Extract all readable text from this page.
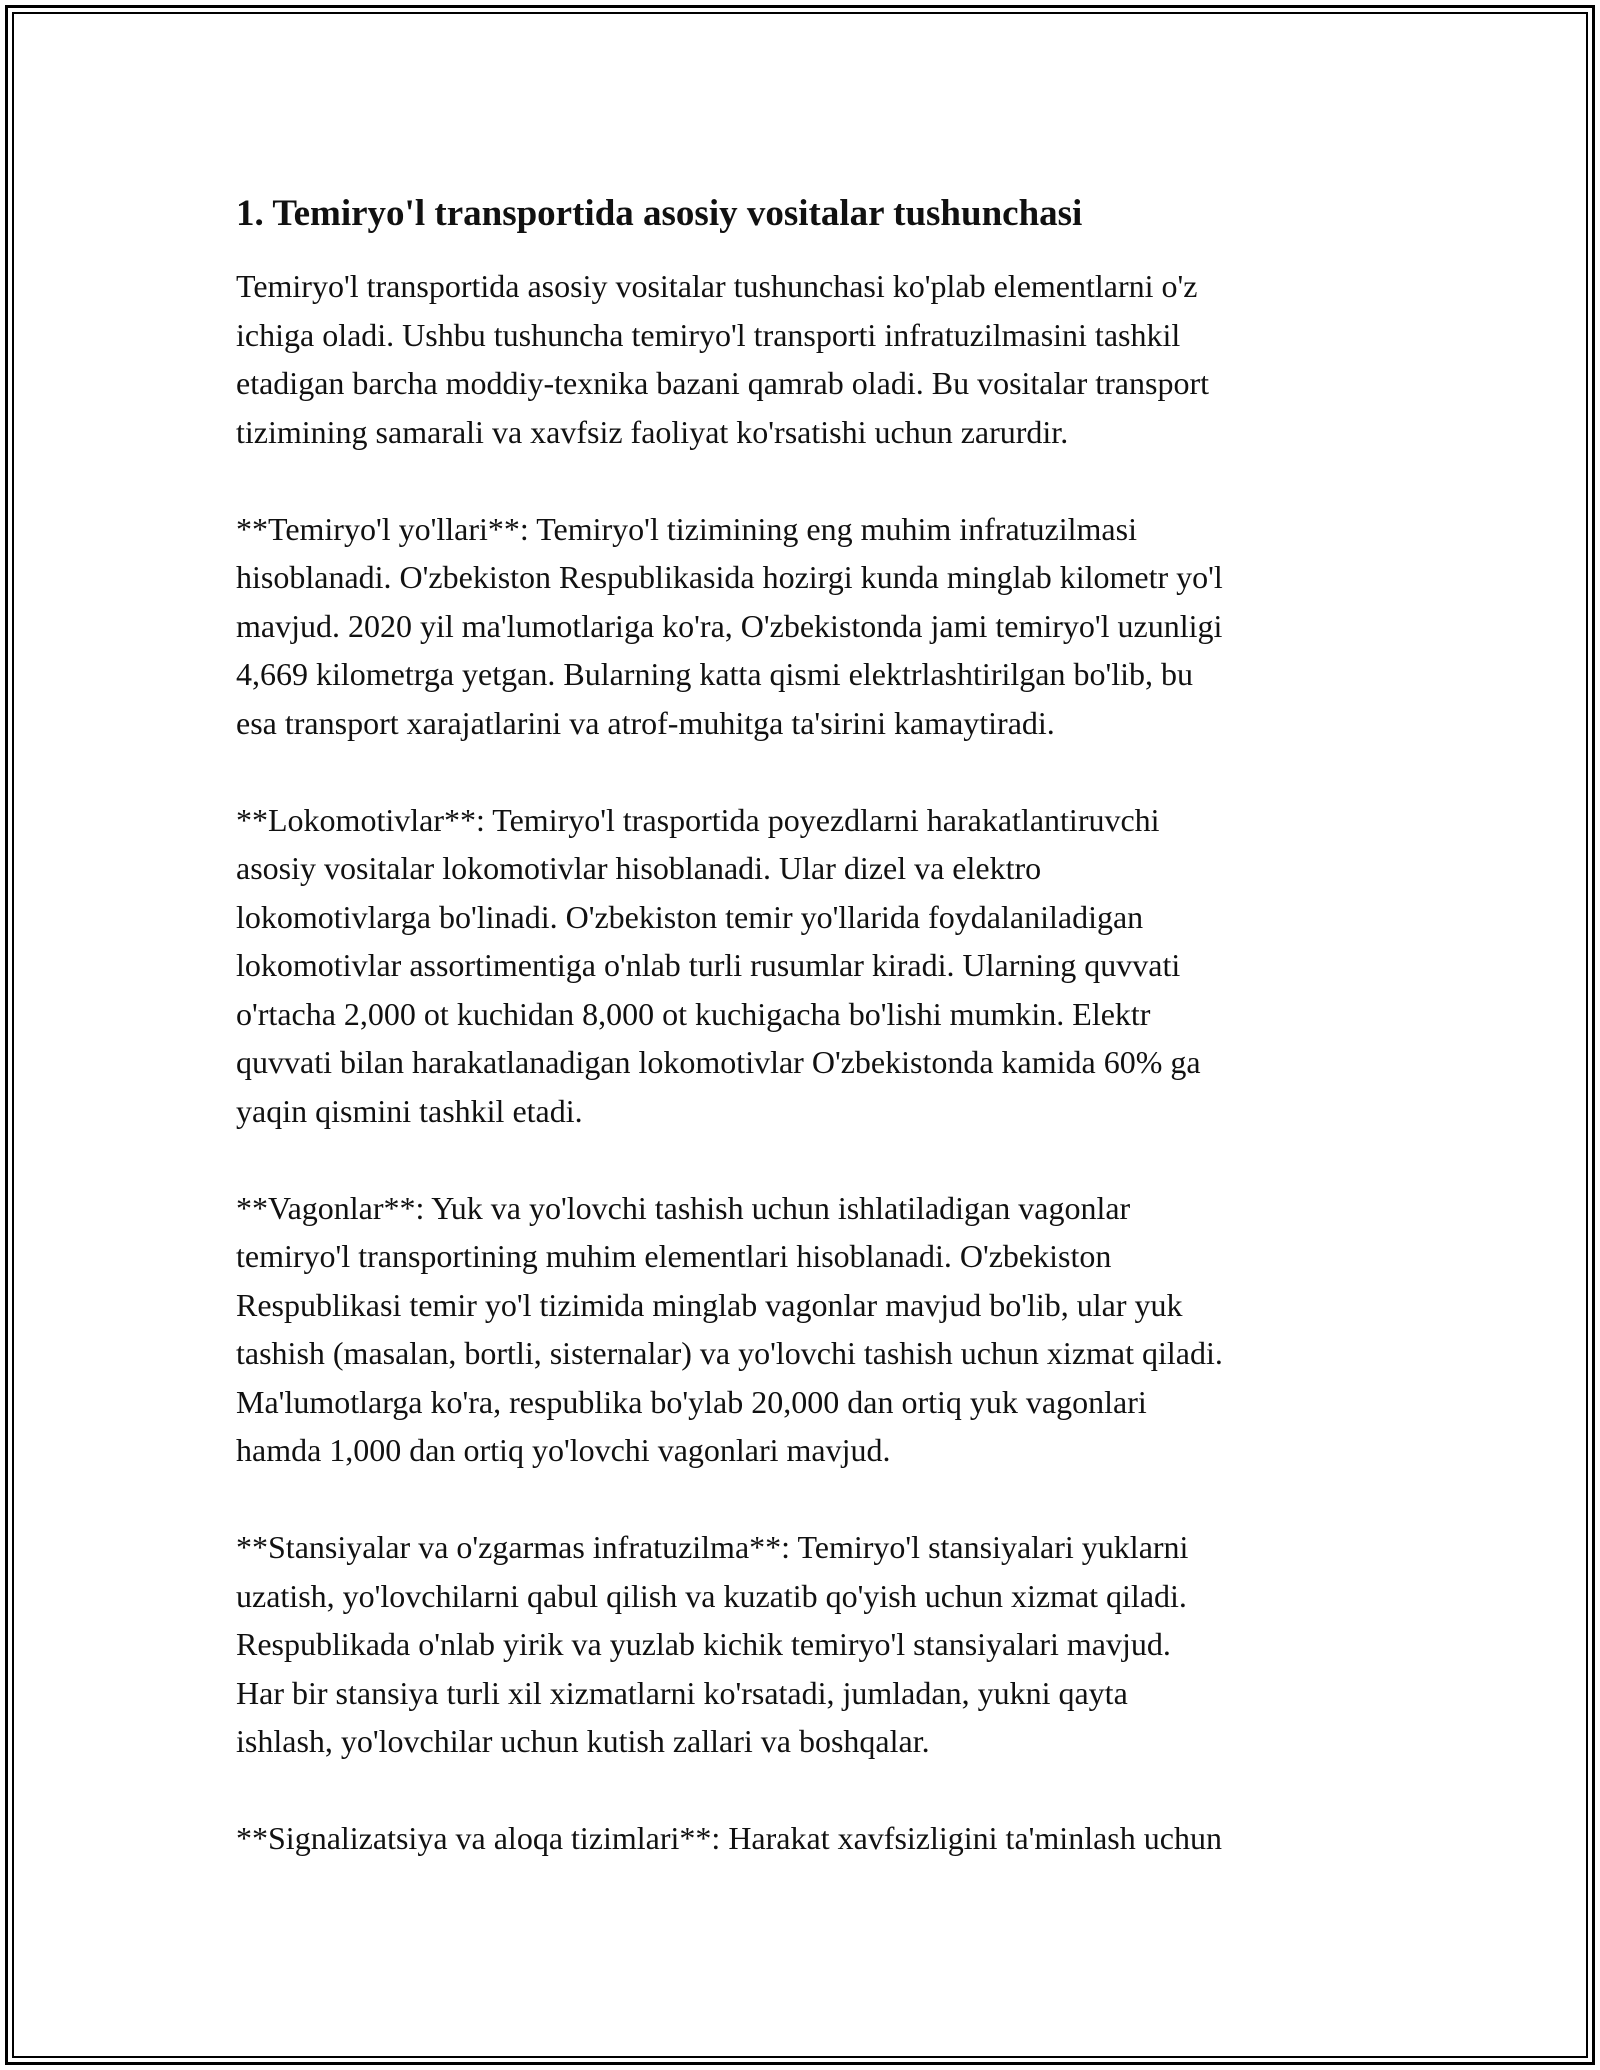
1. Temiryo'l transportida asosiy vositalar tushunchasi

Temiryo'l transportida asosiy vositalar tushunchasi ko'plab elementlarni o'z
ichiga oladi. Ushbu tushuncha temiryo'l transporti infratuzilmasini tashkil
etadigan barcha moddiy-texnika bazani qamrab oladi. Bu vositalar transport
tizimining samarali va xavfsiz faoliyat ko'rsatishi uchun zarurdir.

**Temiryo'l yo'llari**: Temiryo'l tizimining eng muhim infratuzilmasi
hisoblanadi. O'zbekiston Respublikasida hozirgi kunda minglab kilometr yo'l
mavjud. 2020 yil ma'lumotlariga ko'ra, O'zbekistonda jami temiryo'l uzunligi
4,669 kilometrga yetgan. Bularning katta qismi elektrlashtirilgan bo'lib, bu
esa transport xarajatlarini va atrof-muhitga ta'sirini kamaytiradi.

**Lokomotivlar**: Temiryo'l trasportida poyezdlarni harakatlantiruvchi
asosiy vositalar lokomotivlar hisoblanadi. Ular dizel va elektro
lokomotivlarga bo'linadi. O'zbekiston temir yo'llarida foydalaniladigan
lokomotivlar assortimentiga o'nlab turli rusumlar kiradi. Ularning quvvati
o'rtacha 2,000 ot kuchidan 8,000 ot kuchigacha bo'lishi mumkin. Elektr
quvvati bilan harakatlanadigan lokomotivlar O'zbekistonda kamida 60% ga
yaqin qismini tashkil etadi.

**Vagonlar**: Yuk va yo'lovchi tashish uchun ishlatiladigan vagonlar
temiryo'l transportining muhim elementlari hisoblanadi. O'zbekiston
Respublikasi temir yo'l tizimida minglab vagonlar mavjud bo'lib, ular yuk
tashish (masalan, bortli, sisternalar) va yo'lovchi tashish uchun xizmat qiladi.
Ma'lumotlarga ko'ra, respublika bo'ylab 20,000 dan ortiq yuk vagonlari
hamda 1,000 dan ortiq yo'lovchi vagonlari mavjud.

**Stansiyalar va o'zgarmas infratuzilma**: Temiryo'l stansiyalari yuklarni
uzatish, yo'lovchilarni qabul qilish va kuzatib qo'yish uchun xizmat qiladi.
Respublikada o'nlab yirik va yuzlab kichik temiryo'l stansiyalari mavjud.
Har bir stansiya turli xil xizmatlarni ko'rsatadi, jumladan, yukni qayta
ishlash, yo'lovchilar uchun kutish zallari va boshqalar.

**Signalizatsiya va aloqa tizimlari**: Harakat xavfsizligini ta'minlash uchun
